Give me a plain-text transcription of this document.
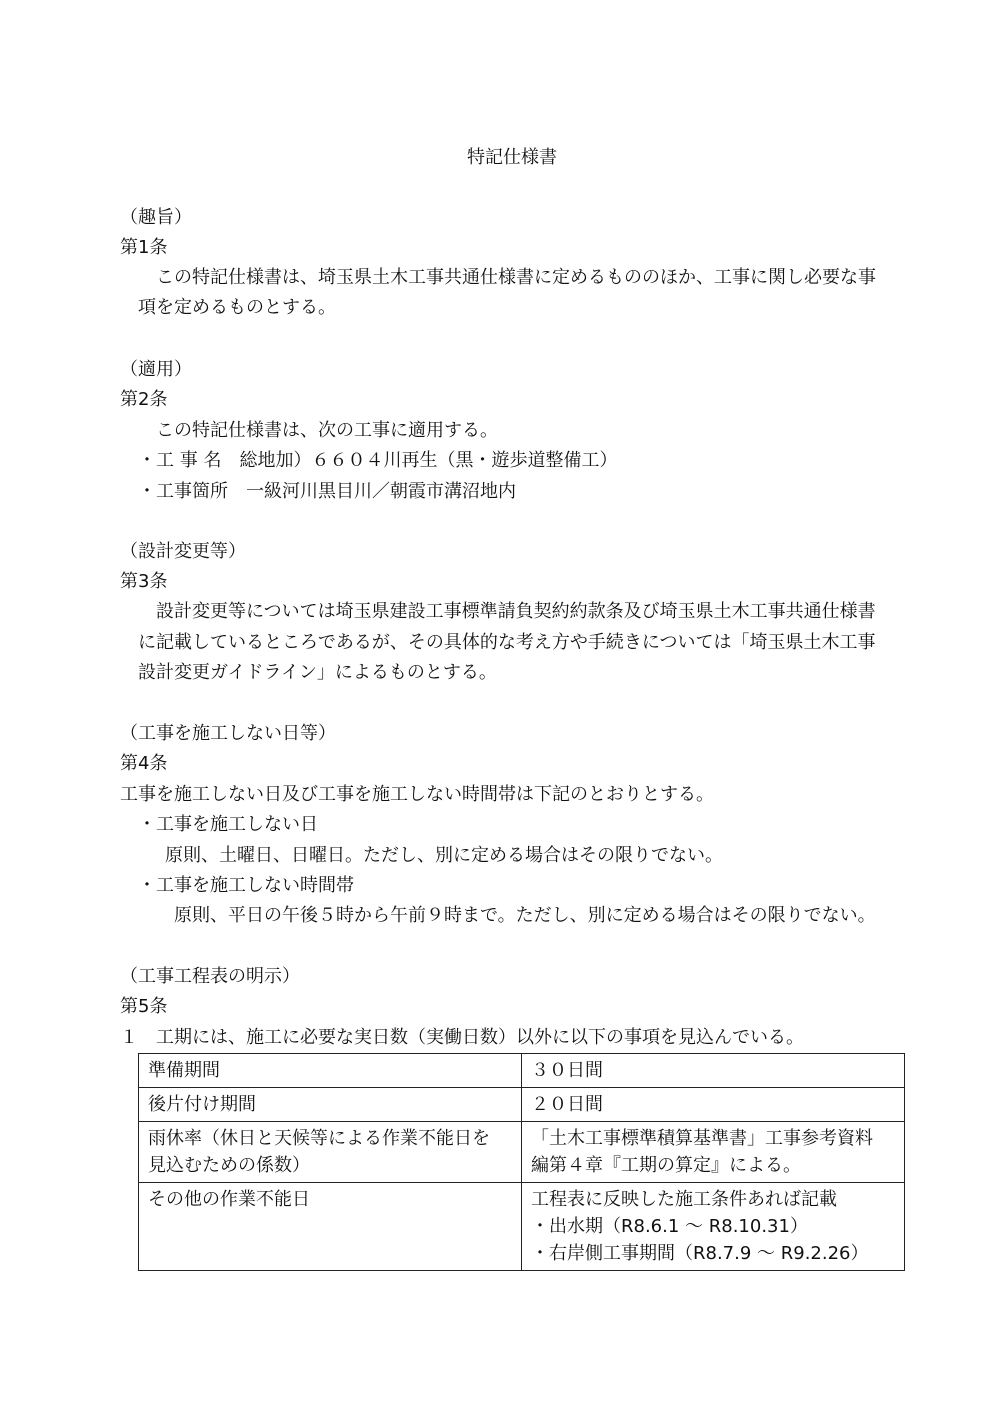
特記仕様書
（趣旨）
第1条
この特記仕様書は、埼玉県土木工事共通仕様書に定めるもののほか、工事に関し必要な事
項を定めるものとする。
（適用）
第2条
この特記仕様書は、次の工事に適用する。
・工 事 名　総地加）６６０４川再生（黒・遊歩道整備工）
・工事箇所　一級河川黒目川／朝霞市溝沼地内
（設計変更等）
第3条
設計変更等については埼玉県建設工事標準請負契約約款条及び埼玉県土木工事共通仕様書
に記載しているところであるが、その具体的な考え方や手続きについては「埼玉県土木工事
設計変更ガイドライン」によるものとする。
（工事を施工しない日等）
第4条
工事を施工しない日及び工事を施工しない時間帯は下記のとおりとする。
・工事を施工しない日
原則、土曜日、日曜日。ただし、別に定める場合はその限りでない。
・工事を施工しない時間帯
原則、平日の午後５時から午前９時まで。ただし、別に定める場合はその限りでない。
（工事工程表の明示）
第5条
１　工期には、施工に必要な実日数（実働日数）以外に以下の事項を見込んでいる。
準備期間	３０日間

後片付け期間	２０日間

雨休率（休日と天候等による作業不能日を
見込むための係数）	「土木工事標準積算基準書」工事参考資料
編第４章『工期の算定』による。

その他の作業不能日	工程表に反映した施工条件あれば記載
・出水期（R8.6.1 ～ R8.10.31）
・右岸側工事期間（R8.7.9 ～ R9.2.26）
